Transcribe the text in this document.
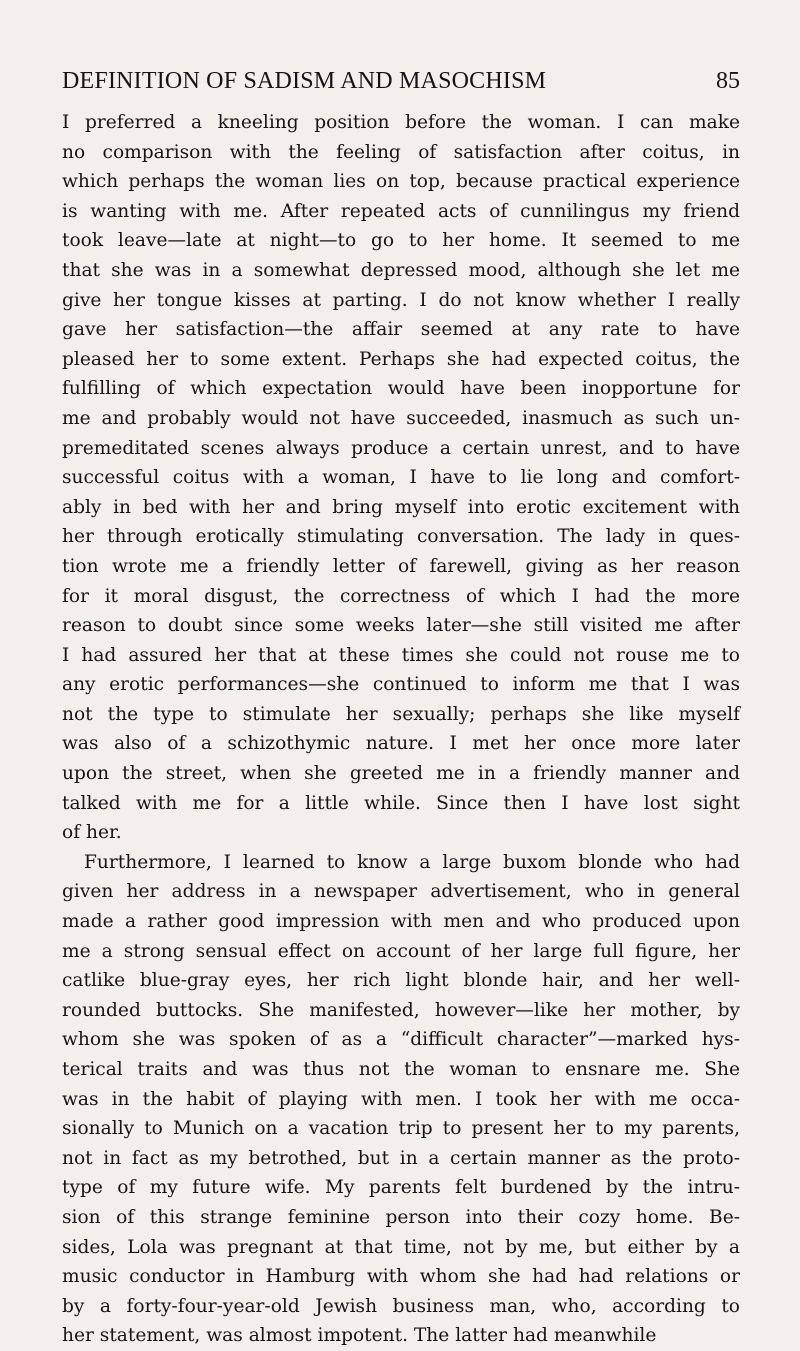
DEFINITION OF SADISM AND MASOCHISM	85
I preferred a kneeling position before the woman. I can make
no comparison with the feeling of satisfaction after coitus, in
which perhaps the woman lies on top, because practical experience
is wanting with me. After repeated acts of cunnilingus my friend
took leave—late at night—to go to her home. It seemed to me
that she was in a somewhat depressed mood, although she let me
give her tongue kisses at parting. I do not know whether I really
gave her satisfaction—the affair seemed at any rate to have
pleased her to some extent. Perhaps she had expected coitus, the
fulfilling of which expectation would have been inopportune for
me and probably would not have succeeded, inasmuch as such un-
premeditated scenes always produce a certain unrest, and to have
successful coitus with a woman, I have to lie long and comfort-
ably in bed with her and bring myself into erotic excitement with
her through erotically stimulating conversation. The lady in ques-
tion wrote me a friendly letter of farewell, giving as her reason
for it moral disgust, the correctness of which I had the more
reason to doubt since some weeks later—she still visited me after
I had assured her that at these times she could not rouse me to
any erotic performances—she continued to inform me that I was
not the type to stimulate her sexually; perhaps she like myself
was also of a schizothymic nature. I met her once more later
upon the street, when she greeted me in a friendly manner and
talked with me for a little while. Since then I have lost sight
of her.
Furthermore, I learned to know a large buxom blonde who had
given her address in a newspaper advertisement, who in general
made a rather good impression with men and who produced upon
me a strong sensual effect on account of her large full figure, her
catlike blue-gray eyes, her rich light blonde hair, and her well-
rounded buttocks. She manifested, however—like her mother, by
whom she was spoken of as a “difficult character”—marked hys-
terical traits and was thus not the woman to ensnare me. She
was in the habit of playing with men. I took her with me occa-
sionally to Munich on a vacation trip to present her to my parents,
not in fact as my betrothed, but in a certain manner as the proto-
type of my future wife. My parents felt burdened by the intru-
sion of this strange feminine person into their cozy home. Be-
sides, Lola was pregnant at that time, not by me, but either by a
music conductor in Hamburg with whom she had had relations or
by a forty-four-year-old Jewish business man, who, according to
her statement, was almost impotent. The latter had meanwhile
